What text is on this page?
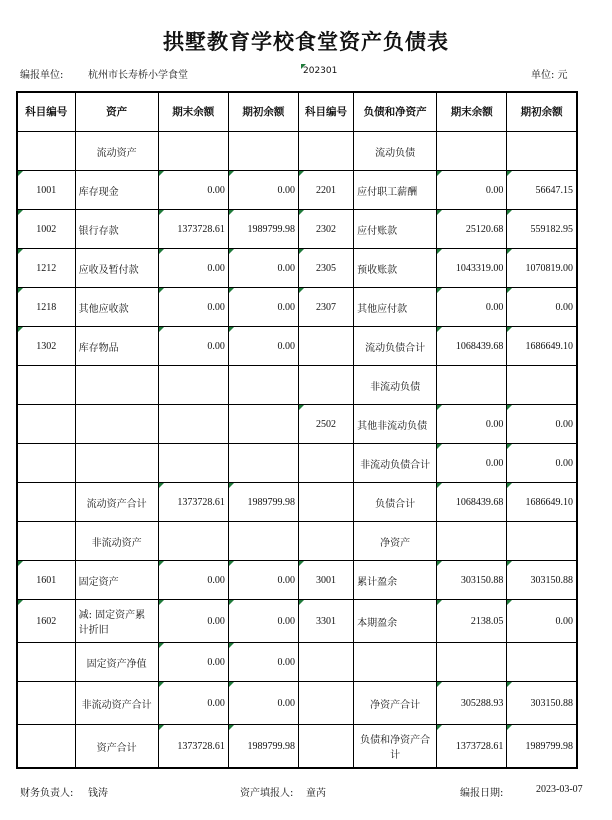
拱墅教育学校食堂资产负债表
编报单位: 杭州市长寿桥小学食堂	202301	单位: 元
科目编号	资产	期末余额	期初余额	科目编号	负债和净资产	期末余额	期初余额
	流动资产				流动负债		
1001	库存现金	0.00	0.00	2201	应付职工薪酬	0.00	56647.15
1002	银行存款	1373728.61	1989799.98	2302	应付账款	25120.68	559182.95
1212	应收及暂付款	0.00	0.00	2305	预收账款	1043319.00	1070819.00
1218	其他应收款	0.00	0.00	2307	其他应付款	0.00	0.00
1302	库存物品	0.00	0.00		流动负债合计	1068439.68	1686649.10
					非流动负债		
				2502	其他非流动负债	0.00	0.00
					非流动负债合计	0.00	0.00
	流动资产合计	1373728.61	1989799.98		负债合计	1068439.68	1686649.10
	非流动资产				净资产		
1601	固定资产	0.00	0.00	3001	累计盈余	303150.88	303150.88
1602	减: 固定资产累计折旧	0.00	0.00	3301	本期盈余	2138.05	0.00
	固定资产净值	0.00	0.00				
	非流动资产合计	0.00	0.00		净资产合计	305288.93	303150.88
	资产合计	1373728.61	1989799.98		负债和净资产合计	1373728.61	1989799.98
财务负责人: 钱涛	资产填报人: 童芮	编报日期:	2023-03-07
